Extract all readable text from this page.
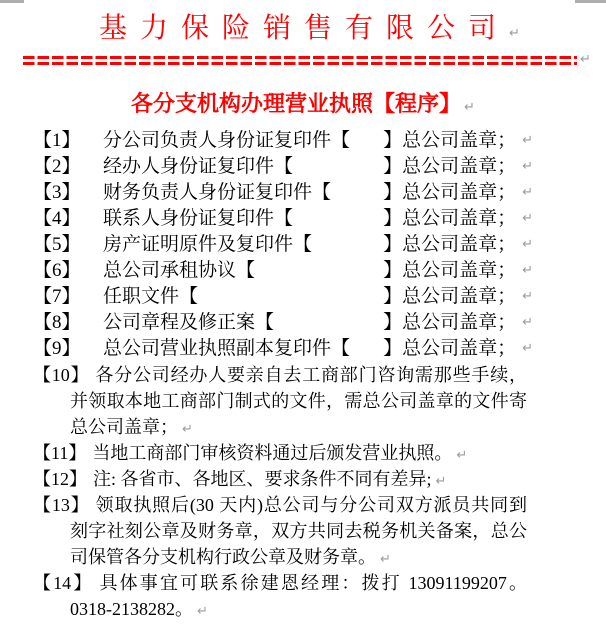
基力保险销售有限公司↵
↵
各分支机构办理营业执照【程序】 ↵
【1】	分公司负责人身份证复印件【 】总公司盖章； ↵
【2】	经办人身份证复印件【	】总公司盖章； ↵
【3】	财务负责人身份证复印件【	】总公司盖章； ↵
【4】	联系人身份证复印件【	】总公司盖章； ↵
【5】	房产证明原件及复印件【	】总公司盖章； ↵
【6】	总公司承租协议【	】总公司盖章； ↵
【7】	任职文件【	】总公司盖章； ↵
【8】	公司章程及修正案【	】总公司盖章； ↵
【9】	总公司营业执照副本复印件【 】总公司盖章； ↵
【10】 各分公司经办人要亲自去工商部门咨询需那些手续，
并领取本地工商部门制式的文件，需总公司盖章的文件寄
总公司盖章； ↵
【11】 当地工商部门审核资料通过后颁发营业执照。 ↵
【12】 注: 各省市、各地区、要求条件不同有差异; ↵
【13】 领取执照后(30 天内)总公司与分公司双方派员共同到
刻字社刻公章及财务章，双方共同去税务机关备案，总公
司保管各分支机构行政公章及财务章。 ↵
【14】 具体事宜可联系徐建恩经理：拨打 13091199207。
0318-2138282。 ↵
